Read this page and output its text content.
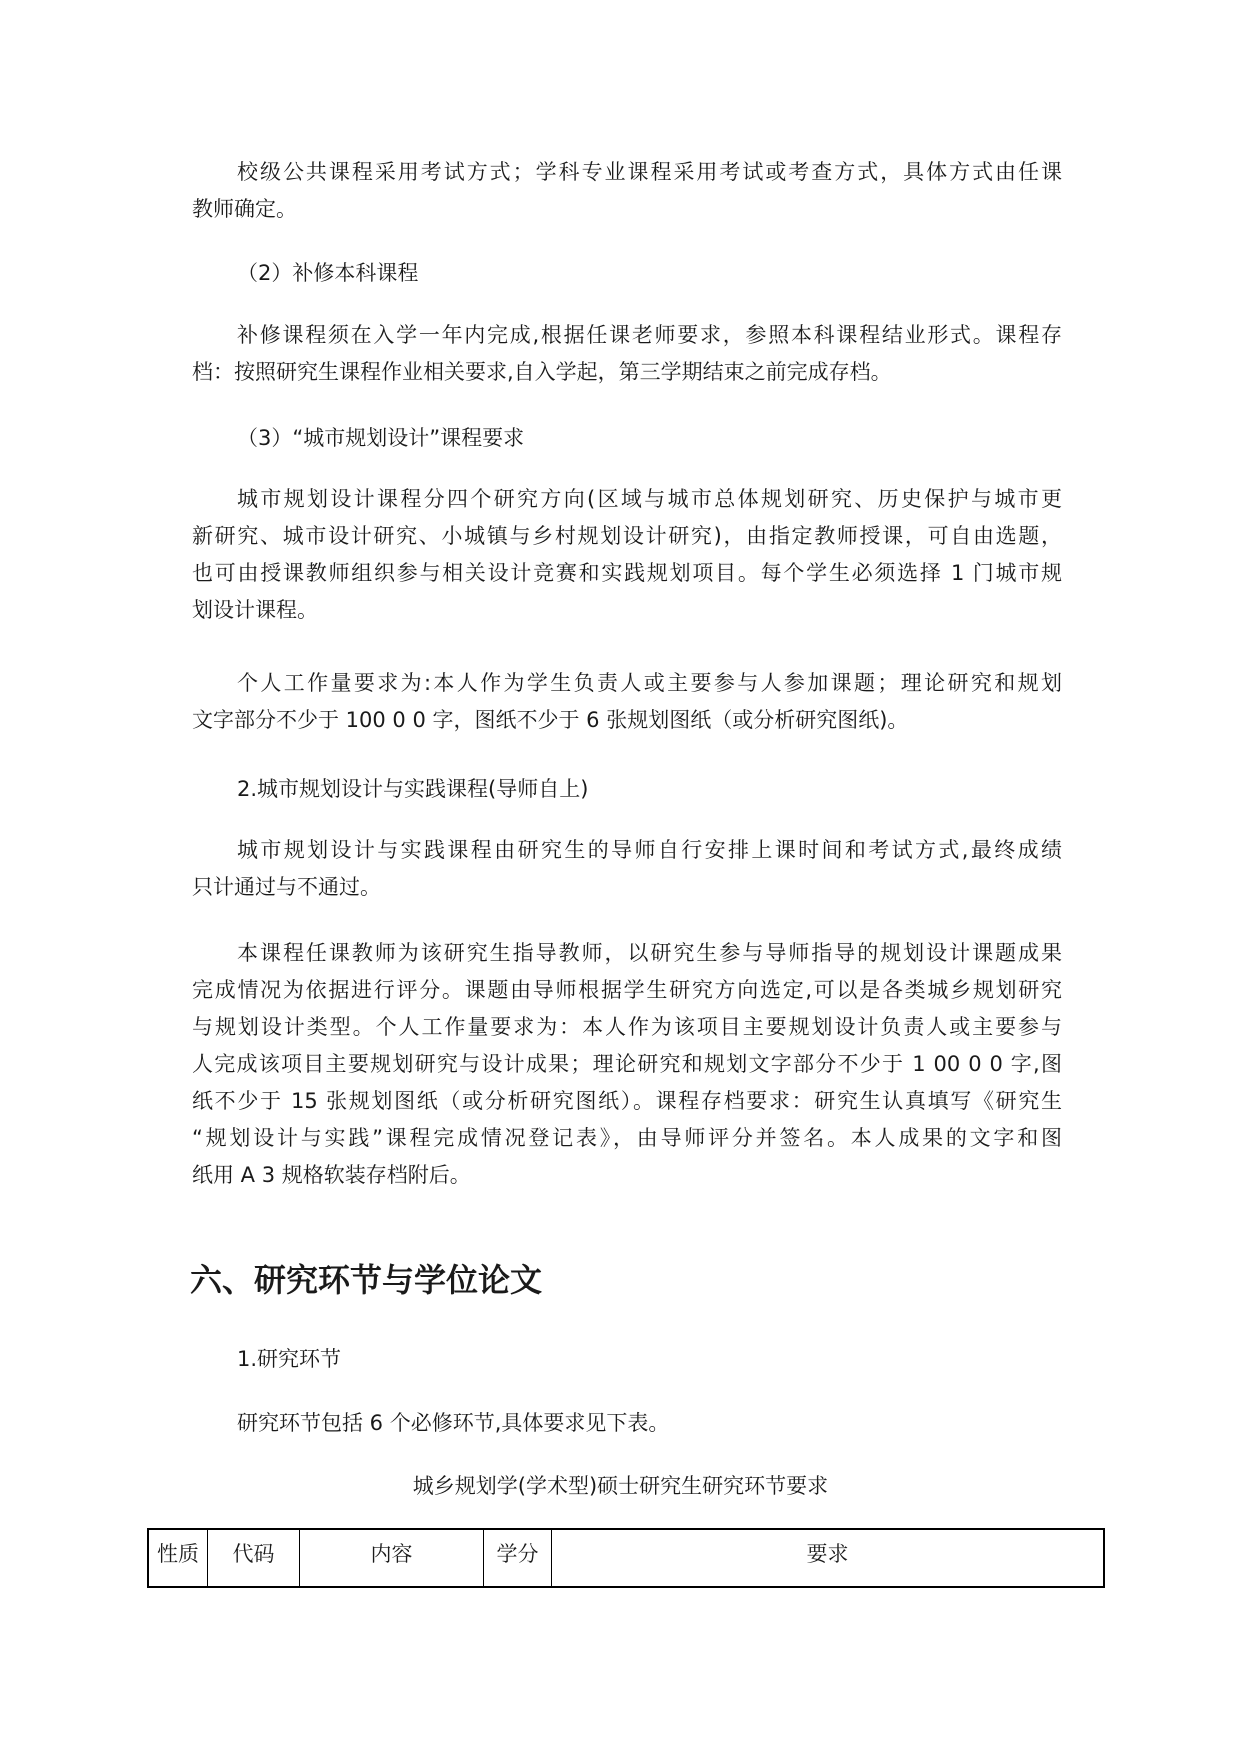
校级公共课程采用考试方式；学科专业课程采用考试或考查方式，具体方式由任课
教师确定。
（2）补修本科课程
补修课程须在入学一年内完成,根据任课老师要求，参照本科课程结业形式。课程存
档：按照研究生课程作业相关要求,自入学起，第三学期结束之前完成存档。
（3）“城市规划设计”课程要求
城市规划设计课程分四个研究方向(区域与城市总体规划研究、历史保护与城市更
新研究、城市设计研究、小城镇与乡村规划设计研究)，由指定教师授课，可自由选题，
也可由授课教师组织参与相关设计竞赛和实践规划项目。每个学生必须选择 1 门城市规
划设计课程。
个人工作量要求为:本人作为学生负责人或主要参与人参加课题；理论研究和规划
文字部分不少于 100 0 0 字，图纸不少于 6 张规划图纸（或分析研究图纸)。
2.城市规划设计与实践课程(导师自上)
城市规划设计与实践课程由研究生的导师自行安排上课时间和考试方式,最终成绩
只计通过与不通过。
本课程任课教师为该研究生指导教师，以研究生参与导师指导的规划设计课题成果
完成情况为依据进行评分。课题由导师根据学生研究方向选定,可以是各类城乡规划研究
与规划设计类型。个人工作量要求为：本人作为该项目主要规划设计负责人或主要参与
人完成该项目主要规划研究与设计成果；理论研究和规划文字部分不少于 1 00 0 0 字,图
纸不少于 15 张规划图纸（或分析研究图纸）。课程存档要求：研究生认真填写《研究生
“规划设计与实践”课程完成情况登记表》，由导师评分并签名。本人成果的文字和图
纸用 A 3 规格软装存档附后。
六、研究环节与学位论文
1.研究环节
研究环节包括 6 个必修环节,具体要求见下表。
城乡规划学(学术型)硕士研究生研究环节要求
性质	代码	内容	学分	要求
